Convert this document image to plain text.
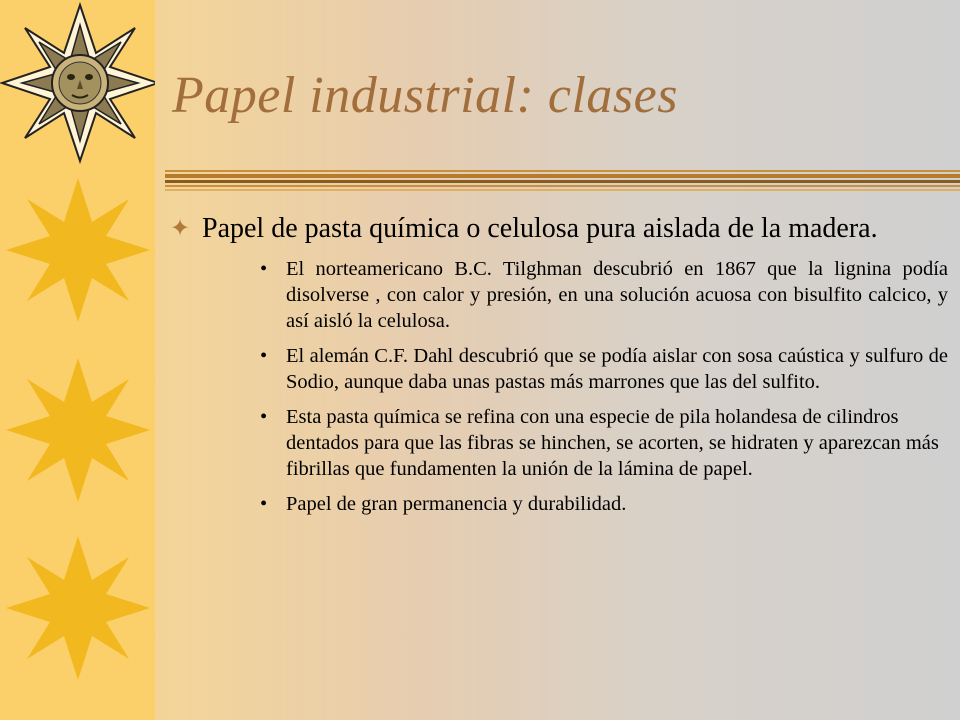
Papel industrial: clases
✦ Papel de pasta química o celulosa pura aislada de la madera.
• El norteamericano B.C. Tilghman descubrió en 1867 que la lignina podía disolverse , con calor y presión, en una solución acuosa con bisulfito calcico, y así aisló la celulosa.
• El alemán C.F. Dahl descubrió que se podía aislar con sosa caústica y sulfuro de Sodio, aunque daba unas pastas más marrones que las del sulfito.
• Esta pasta química se refina con una especie de pila holandesa de cilindros dentados para que las fibras se hinchen, se acorten, se hidraten y aparezcan más fibrillas que fundamenten la unión de la lámina de papel.
• Papel de gran permanencia y durabilidad.
